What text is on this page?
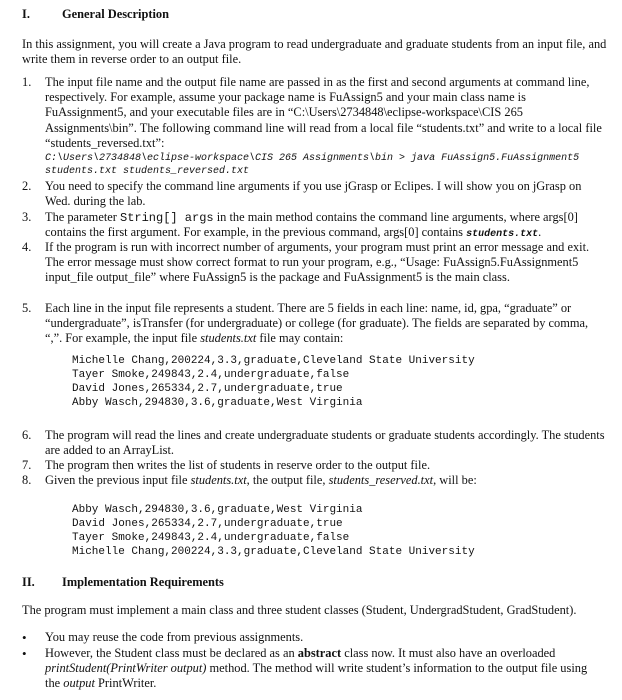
I.	General Description
In this assignment, you will create a Java program to read undergraduate and graduate students from an input file, and write them in reverse order to an output file.
1. The input file name and the output file name are passed in as the first and second arguments at command line, respectively. For example, assume your package name is FuAssign5 and your main class name is FuAssignment5, and your executable files are in “C:\Users\2734848\eclipse-workspace\CIS 265 Assignments\bin”. The following command line will read from a local file “students.txt” and write to a local file “students_reversed.txt”:
C:\Users\2734848\eclipse-workspace\CIS 265 Assignments\bin > java FuAssign5.FuAssignment5
students.txt students_reversed.txt
2. You need to specify the command line arguments if you use jGrasp or Eclipes. I will show you on jGrasp on Wed. during the lab.
3. The parameter String[] args in the main method contains the command line arguments, where args[0] contains the first argument. For example, in the previous command, args[0] contains students.txt.
4. If the program is run with incorrect number of arguments, your program must print an error message and exit. The error message must show correct format to run your program, e.g., “Usage: FuAssign5.FuAssignment5 input_file output_file” where FuAssign5 is the package and FuAssignment5 is the main class.
5. Each line in the input file represents a student. There are 5 fields in each line: name, id, gpa, “graduate” or “undergraduate”, isTransfer (for undergraduate) or college (for graduate). The fields are separated by comma, “,”. For example, the input file students.txt file may contain:
Michelle Chang,200224,3.3,graduate,Cleveland State University
Tayer Smoke,249843,2.4,undergraduate,false
David Jones,265334,2.7,undergraduate,true
Abby Wasch,294830,3.6,graduate,West Virginia
6. The program will read the lines and create undergraduate students or graduate students accordingly. The students are added to an ArrayList.
7. The program then writes the list of students in reserve order to the output file.
8. Given the previous input file students.txt, the output file, students_reserved.txt, will be:
Abby Wasch,294830,3.6,graduate,West Virginia
David Jones,265334,2.7,undergraduate,true
Tayer Smoke,249843,2.4,undergraduate,false
Michelle Chang,200224,3.3,graduate,Cleveland State University
II. Implementation Requirements
The program must implement a main class and three student classes (Student, UndergradStudent, GradStudent).
• You may reuse the code from previous assignments.
• However, the Student class must be declared as an abstract class now. It must also have an overloaded printStudent(PrintWriter output) method. The method will write student’s information to the output file using the output PrintWriter.
